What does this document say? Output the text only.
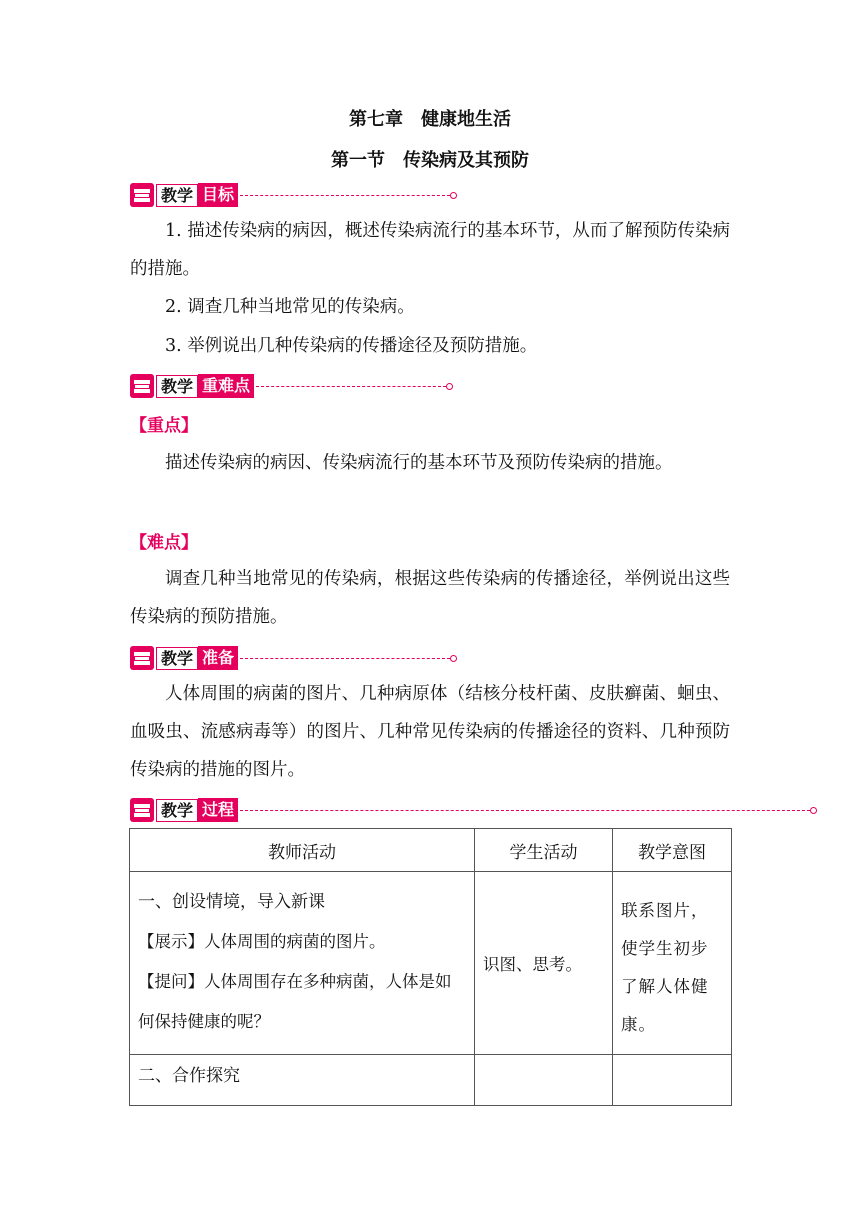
第七章　健康地生活
第一节　传染病及其预防
教学 目标
1. 描述传染病的病因，概述传染病流行的基本环节，从而了解预防传染病的措施。
2. 调查几种当地常见的传染病。
3. 举例说出几种传染病的传播途径及预防措施。
教学 重难点
【重点】
描述传染病的病因、传染病流行的基本环节及预防传染病的措施。
【难点】
调查几种当地常见的传染病，根据这些传染病的传播途径，举例说出这些传染病的预防措施。
教学 准备
人体周围的病菌的图片、几种病原体（结核分枝杆菌、皮肤癣菌、蛔虫、血吸虫、流感病毒等）的图片、几种常见传染病的传播途径的资料、几种预防传染病的措施的图片。
教学 过程
教师活动	学生活动	教学意图

一、创设情境，导入新课
【展示】人体周围的病菌的图片。
【提问】人体周围存在多种病菌，人体是如何保持健康的呢？	识图、思考。	联系图片，使学生初步了解人体健康。

二、合作探究		
